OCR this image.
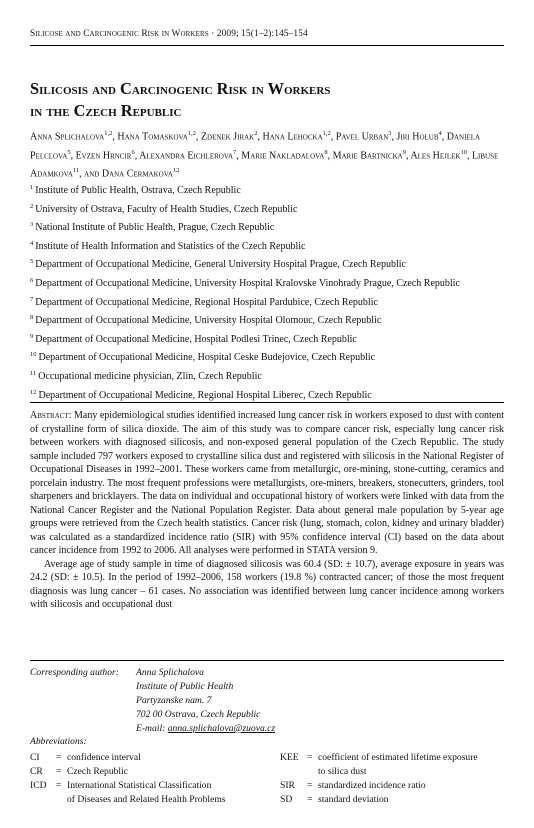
Silicose and Carcinogenic Risk in Workers · 2009; 15(1–2):145–154
Silicosis and Carcinogenic Risk in Workers
in the Czech Republic
Anna Splichalova$^{1,2}$, Hana Tomaskova$^{1,2}$, Zdenek Jirak$^2$, Hana Lehocka$^{1,2}$, Pavel Urban$^3$, Jiri Holub$^4$, Daniela Pelclova$^5$, Evzen Hrncir$^6$, Alexandra Eichlerova$^7$, Marie Nakladalova$^8$, Marie Bartnicka$^9$, Ales Hejlek$^{10}$, Libuse Adamkova$^{11}$, and Dana Cermakova$^{12}$
$^1$ Institute of Public Health, Ostrava, Czech Republic
$^2$ University of Ostrava, Faculty of Health Studies, Czech Republic
$^3$ National Institute of Public Health, Prague, Czech Republic
$^4$ Institute of Health Information and Statistics of the Czech Republic
$^5$ Department of Occupational Medicine, General University Hospital Prague, Czech Republic
$^6$ Department of Occupational Medicine, University Hospital Kralovske Vinohrady Prague, Czech Republic
$^7$ Department of Occupational Medicine, Regional Hospital Pardubice, Czech Republic
$^8$ Department of Occupational Medicine, University Hospital Olomouc, Czech Republic
$^9$ Department of Occupational Medicine, Hospital Podlesi Trinec, Czech Republic
$^{10}$ Department of Occupational Medicine, Hospital Ceske Budejovice, Czech Republic
$^{11}$ Occupational medicine physician, Zlin, Czech Republic
$^{12}$ Department of Occupational Medicine, Regional Hospital Liberec, Czech Republic

Abstract: Many epidemiological studies identified increased lung cancer risk in workers exposed to dust with content of crystalline form of silica dioxide. The aim of this study was to compare cancer risk, especially lung cancer risk between workers with diagnosed silicosis, and non-exposed general population of the Czech Republic. The study sample included 797 workers exposed to crystalline silica dust and registered with silicosis in the National Register of Occupational Diseases in 1992–2001. These workers came from metallurgic, ore-mining, stone-cutting, ceramics and porcelain industry. The most frequent professions were metallurgists, ore-miners, breakers, stonecutters, grinders, tool sharpeners and bricklayers. The data on individual and occupational history of workers were linked with data from the National Cancer Register and the National Population Register. Data about general male population by 5-year age groups were retrieved from the Czech health statistics. Cancer risk (lung, stomach, colon, kidney and urinary bladder) was calculated as a standardized incidence ratio (SIR) with 95% confidence interval (CI) based on the data about cancer incidence from 1992 to 2006. All analyses were performed in STATA version 9.

Average age of study sample in time of diagnosed silicosis was 60.4 (SD: ± 10.7), average exposure in years was 24.2 (SD: ± 10.5). In the period of 1992–2006, 158 workers (19.8 %) contracted cancer; of those the most frequent diagnosis was lung cancer – 61 cases. No association was identified between lung cancer incidence among workers with silicosis and occupational dust

Corresponding author: Anna Splichalova
Institute of Public Health
Partyzanske nam. 7
702 00 Ostrava, Czech Republic
E-mail: anna.splichalova@zuova.cz
Abbreviations:
CI = confidence interval
CR = Czech Republic
ICD = International Statistical Classification
of Diseases and Related Health Problems
KEE = coefficient of estimated lifetime exposure
to silica dust
SIR = standardized incidence ratio
SD = standard deviation
